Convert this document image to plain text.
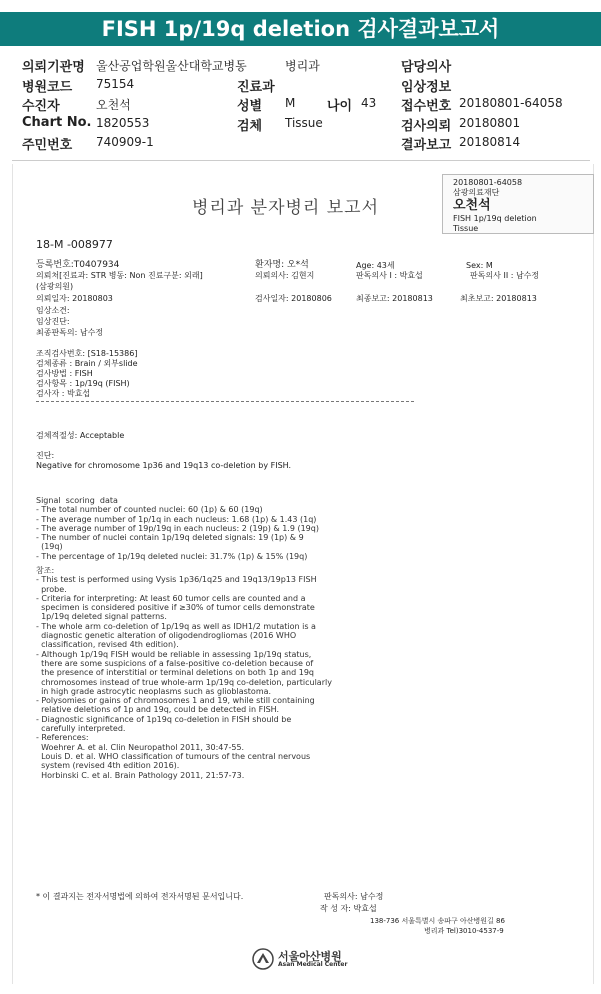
FISH 1p/19q deletion 검사결과보고서
의뢰기관명 울산공업학원울산대학교병동	병리과	담당의사
병원코드 75154	진료과	임상정보
수진자	오천석	성별 M 나이 43 접수번호 20180801-64058
Chart No. 1820553	검체 Tissue	검사의뢰 20180801
주민번호 740909-1	결과보고 20180814
20180801-64058
삼광의료재단
오천석
FISH 1p/19q deletion
Tissue
병리과 분자병리 보고서
18-M -008977
등록번호:T0407934	환자명: 오*석	Age: 43세	Sex: M
의뢰처[진료과: STR 병동: Non 진료구분: 외래]	의뢰의사: 김현지	판독의사 I : 박효섭	판독의사 II : 남수정
(삼광의원)
의뢰일자: 20180803	검사일자: 20180806	최종보고: 20180813	최초보고: 20180813
임상소견:
임상진단:
최종판독의: 남수정
조직검사번호: [S18-15386]
검체종류 : Brain / 외부slide
검사방법 : FISH
검사항목 : 1p/19q (FISH)
검사자 : 박효섭
검체적절성: Acceptable
진단:
Negative for chromosome 1p36 and 19q13 co-deletion by FISH.
Signal  scoring  data
- The total number of counted nuclei: 60 (1p) & 60 (19q)
- The average number of 1p/1q in each nucleus: 1.68 (1p) & 1.43 (1q)
- The average number of 19p/19q in each nucleus: 2 (19p) & 1.9 (19q)
- The number of nuclei contain 1p/19q deleted signals: 19 (1p) & 9
(19q)
- The percentage of 1p/19q deleted nuclei: 31.7% (1p) & 15% (19q)
참조:
- This test is performed using Vysis 1p36/1q25 and 19q13/19p13 FISH
probe.
- Criteria for interpreting: At least 60 tumor cells are counted and a
specimen is considered positive if ≥30% of tumor cells demonstrate
1p/19q deleted signal patterns.
- The whole arm co-deletion of 1p/19q as well as IDH1/2 mutation is a
diagnostic genetic alteration of oligodendrogliomas (2016 WHO
classification, revised 4th edition).
- Although 1p/19q FISH would be reliable in assessing 1p/19q status,
there are some suspicions of a false-positive co-deletion because of
the presence of interstitial or terminal deletions on both 1p and 19q
chromosomes instead of true whole-arm 1p/19q co-deletion, particularly
in high grade astrocytic neoplasms such as glioblastoma.
- Polysomies or gains of chromosomes 1 and 19, while still containing
relative deletions of 1p and 19q, could be detected in FISH.
- Diagnostic significance of 1p19q co-deletion in FISH should be
carefully interpreted.
- References:
Woehrer A. et al. Clin Neuropathol 2011, 30:47-55.
Louis D. et al. WHO classification of tumours of the central nervous
system (revised 4th edition 2016).
Horbinski C. et al. Brain Pathology 2011, 21:57-73.
* 이 결과지는 전자서명법에 의하여 전자서명된 문서입니다.	판독의사: 남수정
작 성 자: 박효섭
138-736 서울특별시 송파구 아산병원길 86
병리과 Tel)3010-4537-9
서울아산병원
Asan Medical Center
